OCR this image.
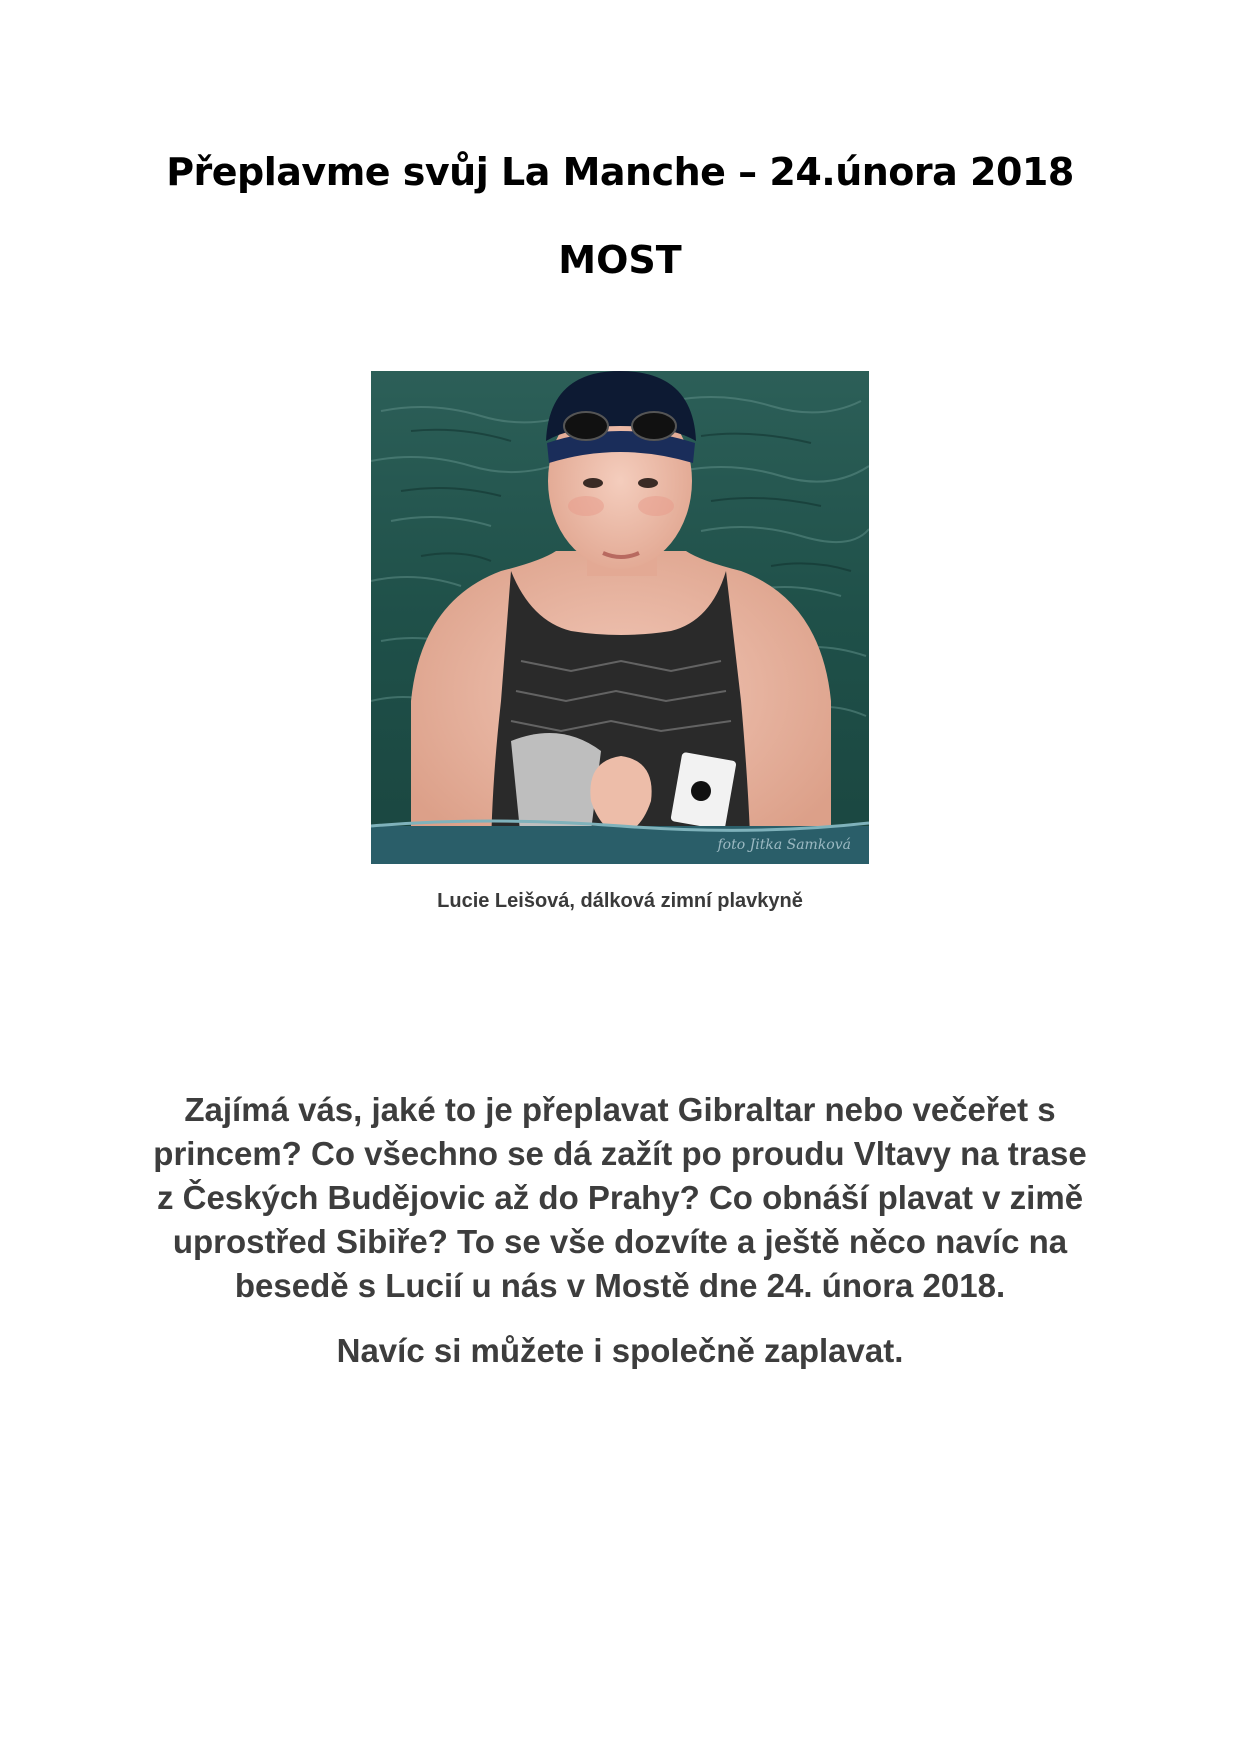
Přeplavme svůj La Manche – 24.února 2018
MOST
foto Jitka Samková
Lucie Leišová, dálková zimní plavkyně
Zajímá vás, jaké to je přeplavat Gibraltar nebo večeřet s
princem? Co všechno se dá zažít po proudu Vltavy na trase
z Českých Budějovic až do Prahy? Co obnáší plavat v zimě
uprostřed Sibiře? To se vše dozvíte a ještě něco navíc na
besedě s Lucií u nás v Mostě dne 24. února 2018.
Navíc si můžete i společně zaplavat.
